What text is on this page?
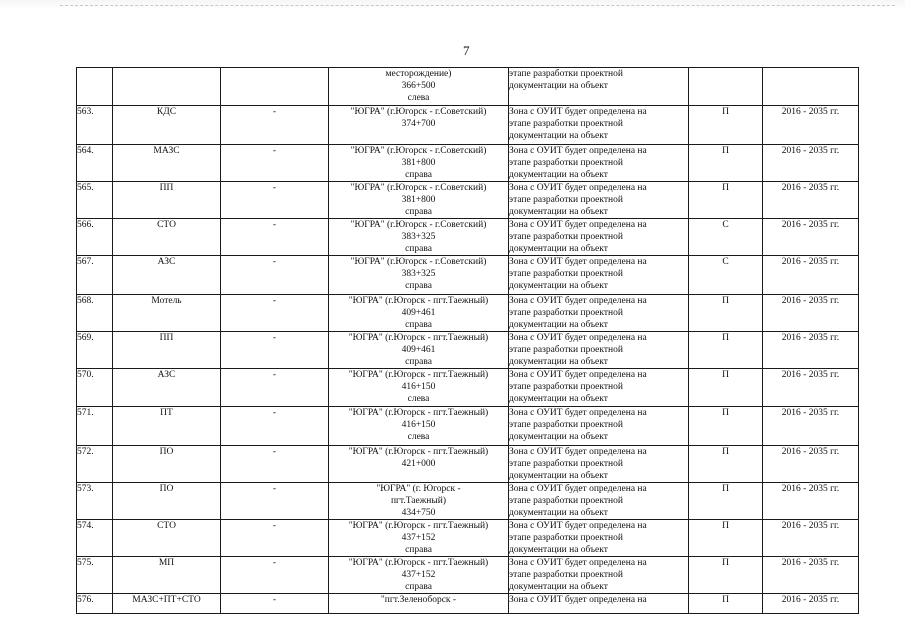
7

			месторождение)
366+500
слева	этапе разработки проектной
документации на объект		

563.	КДС	-	"ЮГРА" (г.Югорск - г.Советский)
374+700	Зона с ОУИТ будет определена на
этапе разработки проектной
документации на объект	П	2016 - 2035 гг.

564.	МАЗС	-	"ЮГРА" (г.Югорск - г.Советский)
381+800
справа	Зона с ОУИТ будет определена на
этапе разработки проектной
документации на объект	П	2016 - 2035 гг.

565.	ПП	-	"ЮГРА" (г.Югорск - г.Советский)
381+800
справа	Зона с ОУИТ будет определена на
этапе разработки проектной
документации на объект	П	2016 - 2035 гг.

566.	СТО	-	"ЮГРА" (г.Югорск - г.Советский)
383+325
справа	Зона с ОУИТ будет определена на
этапе разработки проектной
документации на объект	С	2016 - 2035 гг.

567.	АЗС	-	"ЮГРА" (г.Югорск - г.Советский)
383+325
справа	Зона с ОУИТ будет определена на
этапе разработки проектной
документации на объект	С	2016 - 2035 гг.

568.	Мотель	-	"ЮГРА" (г.Югорск - пгт.Таежный)
409+461
справа	Зона с ОУИТ будет определена на
этапе разработки проектной
документации на объект	П	2016 - 2035 гг.

569.	ПП	-	"ЮГРА" (г.Югорск - пгт.Таежный)
409+461
справа	Зона с ОУИТ будет определена на
этапе разработки проектной
документации на объект	П	2016 - 2035 гг.

570.	АЗС	-	"ЮГРА" (г.Югорск - пгт.Таежный)
416+150
слева	Зона с ОУИТ будет определена на
этапе разработки проектной
документации на объект	П	2016 - 2035 гг.

571.	ПТ	-	"ЮГРА" (г.Югорск - пгт.Таежный)
416+150
слева	Зона с ОУИТ будет определена на
этапе разработки проектной
документации на объект	П	2016 - 2035 гг.

572.	ПО	-	"ЮГРА" (г.Югорск - пгт.Таежный)
421+000	Зона с ОУИТ будет определена на
этапе разработки проектной
документации на объект	П	2016 - 2035 гг.

573.	ПО	-	"ЮГРА" (г. Югорск -
пгт.Таежный)
434+750	Зона с ОУИТ будет определена на
этапе разработки проектной
документации на объект	П	2016 - 2035 гг.

574.	СТО	-	"ЮГРА" (г.Югорск - пгт.Таежный)
437+152
справа	Зона с ОУИТ будет определена на
этапе разработки проектной
документации на объект	П	2016 - 2035 гг.

575.	МП	-	"ЮГРА" (г.Югорск - пгт.Таежный)
437+152
справа	Зона с ОУИТ будет определена на
этапе разработки проектной
документации на объект	П	2016 - 2035 гг.

576.	МАЗС+ПТ+СТО	-	"пгт.Зеленоборск -	Зона с ОУИТ будет определена на	П	2016 - 2035 гг.
